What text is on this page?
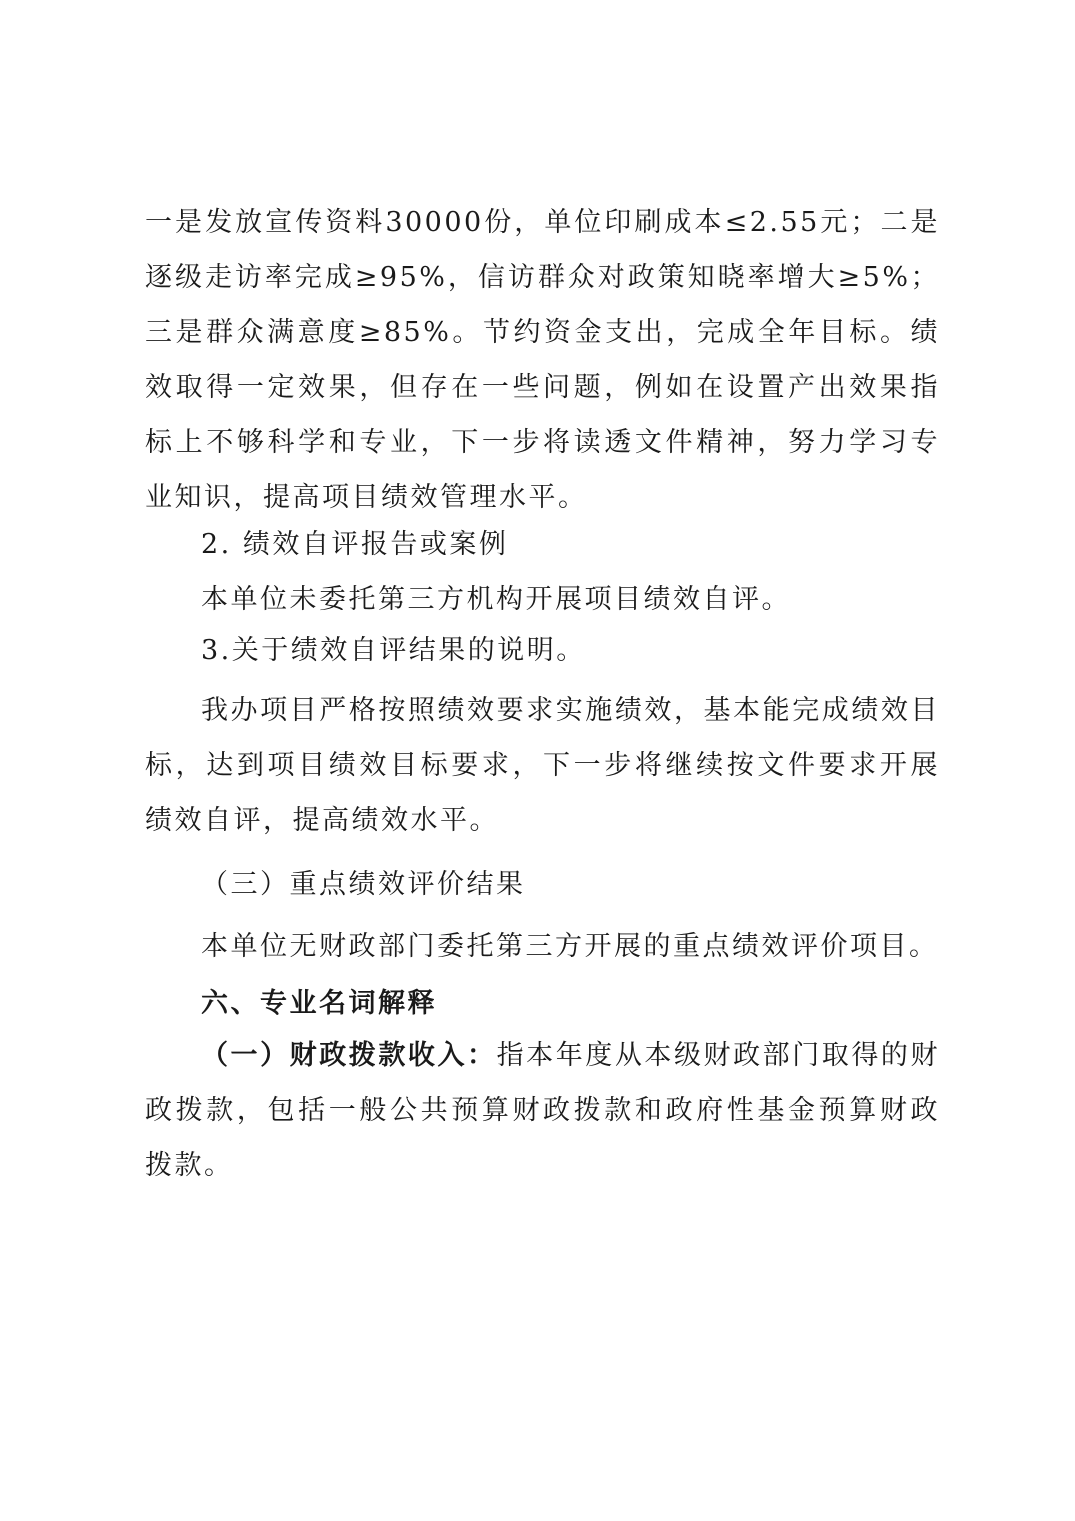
一是发放宣传资料30000份，单位印刷成本≤2.55元；二是逐级走访率完成≥95%，信访群众对政策知晓率增大≥5%；三是群众满意度≥85%。节约资金支出，完成全年目标。绩效取得一定效果，但存在一些问题，例如在设置产出效果指标上不够科学和专业，下一步将读透文件精神，努力学习专业知识，提高项目绩效管理水平。

2. 绩效自评报告或案例
本单位未委托第三方机构开展项目绩效自评。
3.关于绩效自评结果的说明。

我办项目严格按照绩效要求实施绩效，基本能完成绩效目标，达到项目绩效目标要求，下一步将继续按文件要求开展绩效自评，提高绩效水平。

（三）重点绩效评价结果
本单位无财政部门委托第三方开展的重点绩效评价项目。
六、专业名词解释

（一）财政拨款收入：指本年度从本级财政部门取得的财政拨款，包括一般公共预算财政拨款和政府性基金预算财政拨款。
